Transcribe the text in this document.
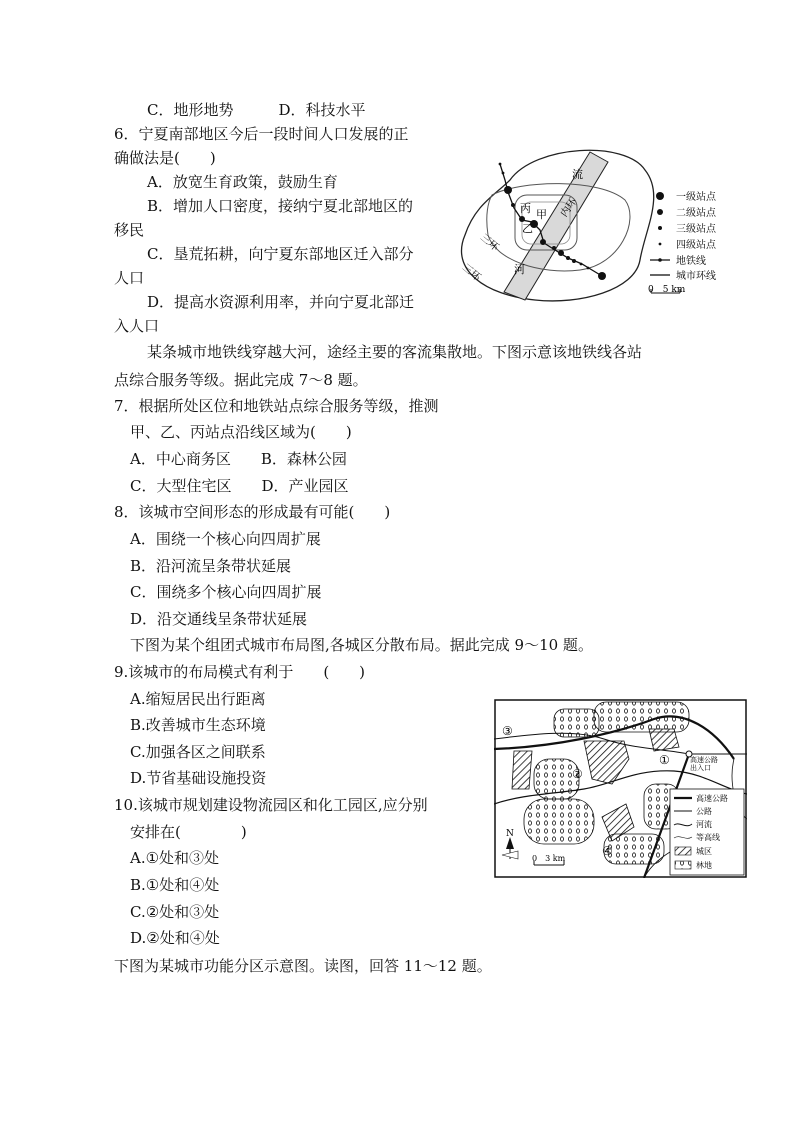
C．地形地势　　　D．科技水平
6．宁夏南部地区今后一段时间人口发展的正
确做法是(　　)
A．放宽生育政策，鼓励生育
B．增加人口密度，接纳宁夏北部地区的
移民
C．垦荒拓耕，向宁夏东部地区迁入部分
人口
D．提高水资源利用率，并向宁夏北部迁
入人口
某条城市地铁线穿越大河，途经主要的客流集散地。下图示意该地铁线各站
点综合服务等级。据此完成 7～8 题。
7．根据所处区位和地铁站点综合服务等级，推测
甲、乙、丙站点沿线区域为(　　)
A．中心商务区　　B．森林公园
C．大型住宅区　　D．产业园区
8．该城市空间形态的形成最有可能(　　)
A．围绕一个核心向四周扩展
B．沿河流呈条带状延展
C．围绕多个核心向四周扩展
D．沿交通线呈条带状延展
下图为某个组团式城市布局图,各城区分散布局。据此完成 9～10 题。
9.该城市的布局模式有利于　　(　　)
A.缩短居民出行距离
B.改善城市生态环境
C.加强各区之间联系
D.节省基础设施投资
10.该城市规划建设物流园区和化工园区,应分别
安排在(　　　　)
A.①处和③处
B.①处和④处
C.②处和③处
D.②处和④处
下图为某城市功能分区示意图。读图，回答 11～12 题。
丙 甲
乙
流
河
内环
三环
三环
一级站点
二级站点
三级站点
四级站点
地铁线
城市环线
0　5 km
①
②
③
④
高速公路
出入口
高速公路
公路
河流
等高线
城区
林地
N
0　3 km
